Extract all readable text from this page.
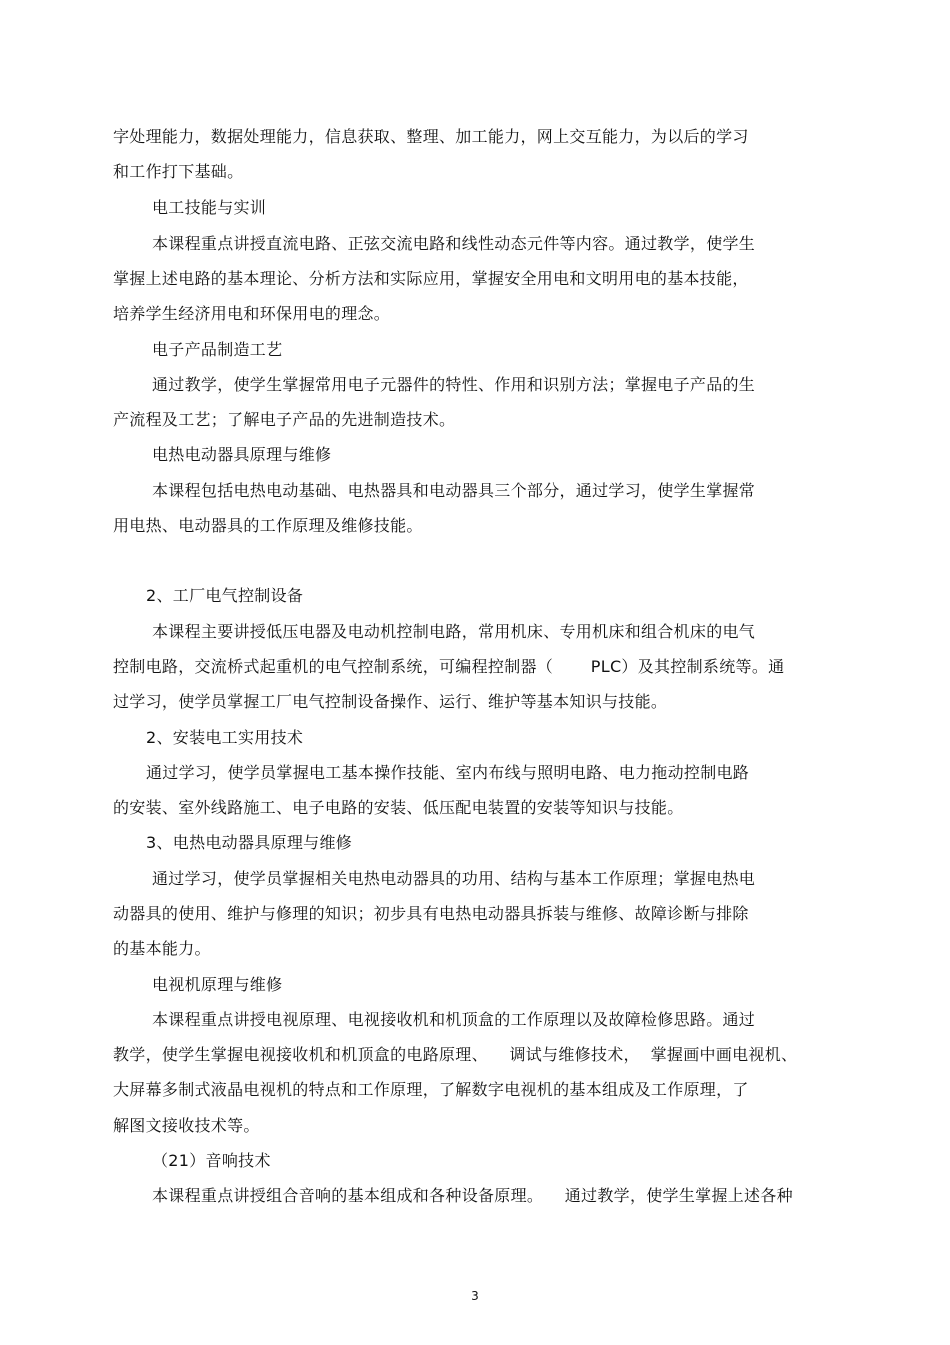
字处理能力，数据处理能力，信息获取、整理、加工能力，网上交互能力，为以后的学习
和工作打下基础。
电工技能与实训
本课程重点讲授直流电路、正弦交流电路和线性动态元件等内容。通过教学，使学生
掌握上述电路的基本理论、分析方法和实际应用，掌握安全用电和文明用电的基本技能，
培养学生经济用电和环保用电的理念。
电子产品制造工艺
通过教学，使学生掌握常用电子元器件的特性、作用和识别方法；掌握电子产品的生
产流程及工艺；了解电子产品的先进制造技术。
电热电动器具原理与维修
本课程包括电热电动基础、电热器具和电动器具三个部分，通过学习，使学生掌握常
用电热、电动器具的工作原理及维修技能。
2、工厂电气控制设备
本课程主要讲授低压电器及电动机控制电路，常用机床、专用机床和组合机床的电气
控制电路，交流桥式起重机的电气控制系统，可编程控制器（       PLC）及其控制系统等。通
过学习，使学员掌握工厂电气控制设备操作、运行、维护等基本知识与技能。
2、安装电工实用技术
通过学习，使学员掌握电工基本操作技能、室内布线与照明电路、电力拖动控制电路
的安装、室外线路施工、电子电路的安装、低压配电装置的安装等知识与技能。
3、电热电动器具原理与维修
通过学习，使学员掌握相关电热电动器具的功用、结构与基本工作原理；掌握电热电
动器具的使用、维护与修理的知识；初步具有电热电动器具拆装与维修、故障诊断与排除
的基本能力。
电视机原理与维修
本课程重点讲授电视原理、电视接收机和机顶盒的工作原理以及故障检修思路。通过
教学，使学生掌握电视接收机和机顶盒的电路原理、    调试与维修技术，  掌握画中画电视机、
大屏幕多制式液晶电视机的特点和工作原理，了解数字电视机的基本组成及工作原理，了
解图文接收技术等。
（21）音响技术
本课程重点讲授组合音响的基本组成和各种设备原理。    通过教学，使学生掌握上述各种
3
